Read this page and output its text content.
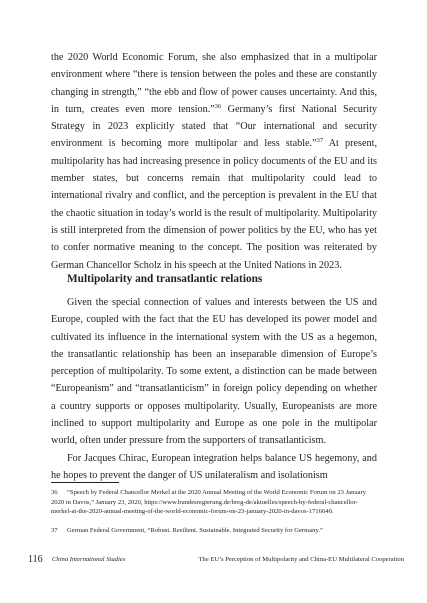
the 2020 World Economic Forum, she also emphasized that in a multipolar environment where “there is tension between the poles and these are constantly changing in strength,” “the ebb and flow of power causes uncertainty. And this, in turn, creates even more tension.”$^{36}$ Germany’s first National Security Strategy in 2023 explicitly stated that “Our international and security environment is becoming more multipolar and less stable.”$^{37}$ At present, multipolarity has had increasing presence in policy documents of the EU and its member states, but concerns remain that multipolarity could lead to international rivalry and conflict, and the perception is prevalent in the EU that the chaotic situation in today’s world is the result of multipolarity. Multipolarity is still interpreted from the dimension of power politics by the EU, who has yet to confer normative meaning to the concept. The position was reiterated by German Chancellor Scholz in his speech at the United Nations in 2023.

Multipolarity and transatlantic relations

Given the special connection of values and interests between the US and Europe, coupled with the fact that the EU has developed its power model and cultivated its influence in the international system with the US as a hegemon, the transatlantic relationship has been an inseparable dimension of Europe’s perception of multipolarity. To some extent, a distinction can be made between “Europeanism” and “transatlanticism” in foreign policy depending on whether a country supports or opposes multipolarity. Usually, Europeanists are more inclined to support multipolarity and Europe as one pole in the multipolar world, often under pressure from the supporters of transatlanticism.

For Jacques Chirac, European integration helps balance US hegemony, and he hopes to prevent the danger of US unilateralism and isolationism

36 “Speech by Federal Chancellor Merkel at the 2020 Annual Meeting of the World Economic Forum on 23 January 2020 in Davos,” January 23, 2020, https://www.bundesregierung.de/breg-de/aktuelles/speech-by-federal-chancellor-merkel-at-the-2020-annual-meeting-of-the-world-economic-forum-on-23-january-2020-in-davos-1716640.

37 German Federal Government, “Robust. Resilient. Sustainable. Integrated Security for Germany.”

116 China International Studies	The EU’s Perception of Multipolarity and China-EU Multilateral Cooperation
